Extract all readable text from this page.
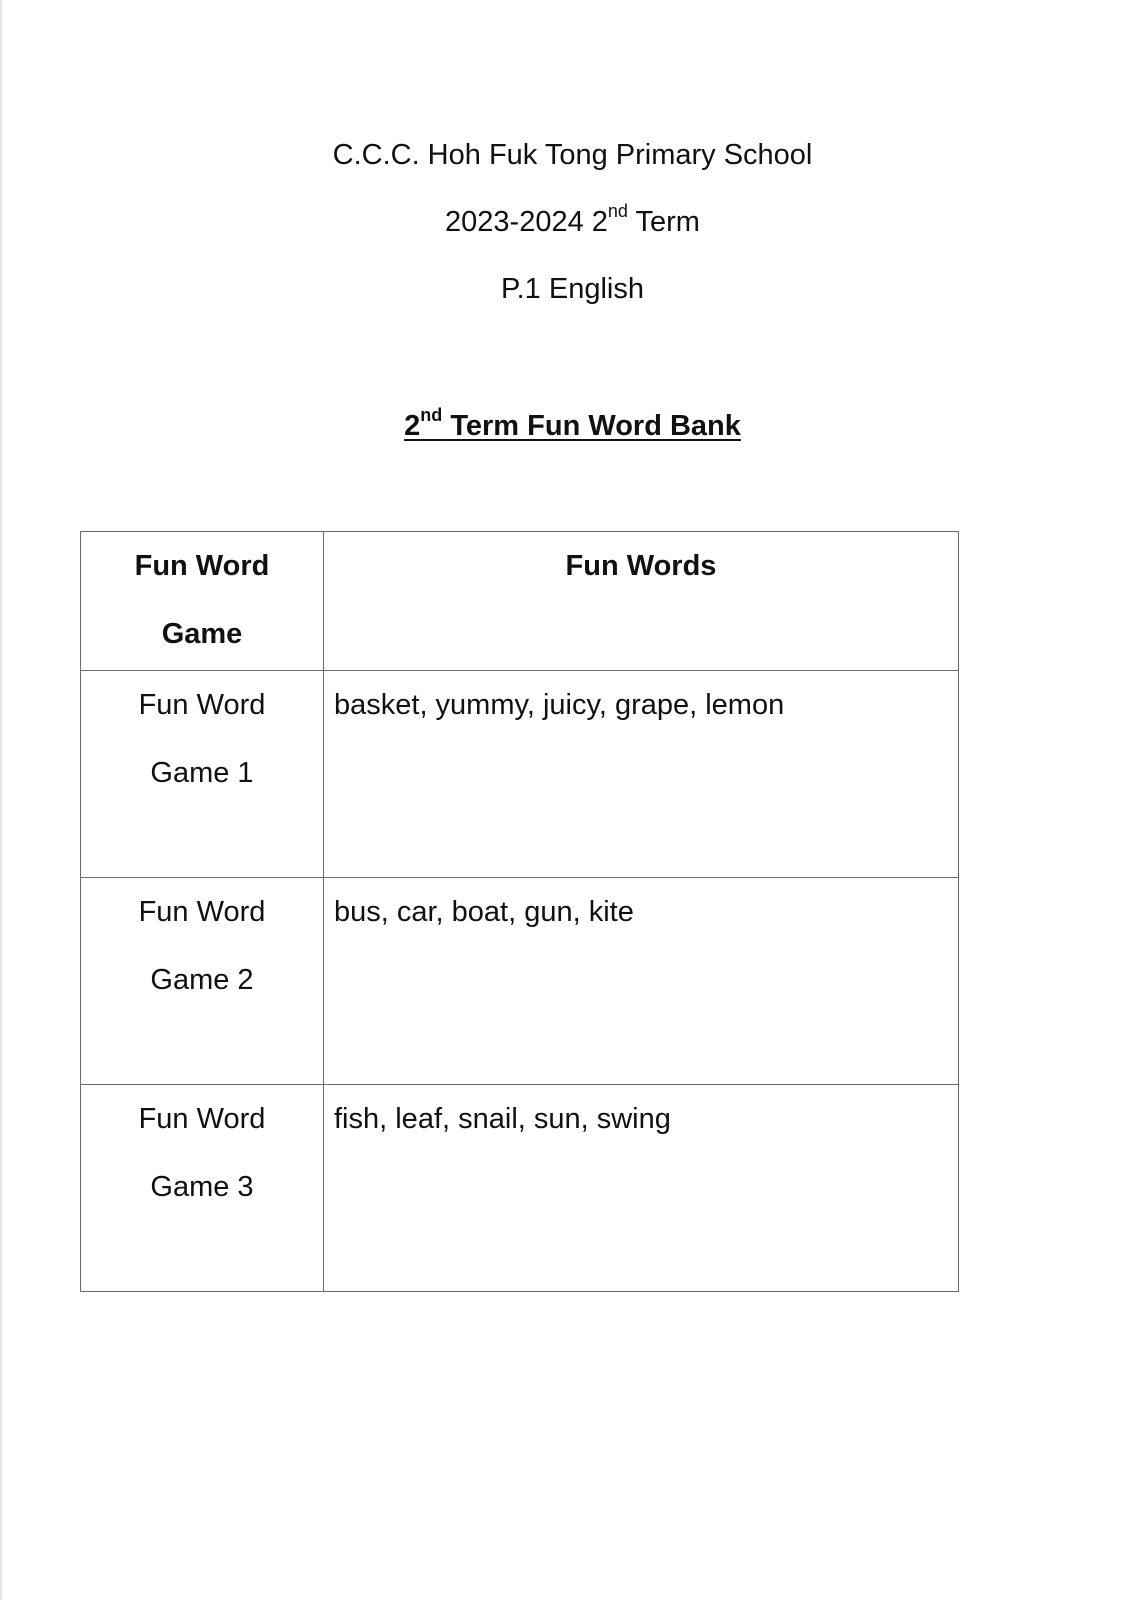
C.C.C. Hoh Fuk Tong Primary School
2023-2024 2nd Term
P.1 English
2nd Term Fun Word Bank
Fun Word
Game	Fun Words

Fun Word
Game 1	basket, yummy, juicy, grape, lemon

Fun Word
Game 2	bus, car, boat, gun, kite

Fun Word
Game 3	fish, leaf, snail, sun, swing
